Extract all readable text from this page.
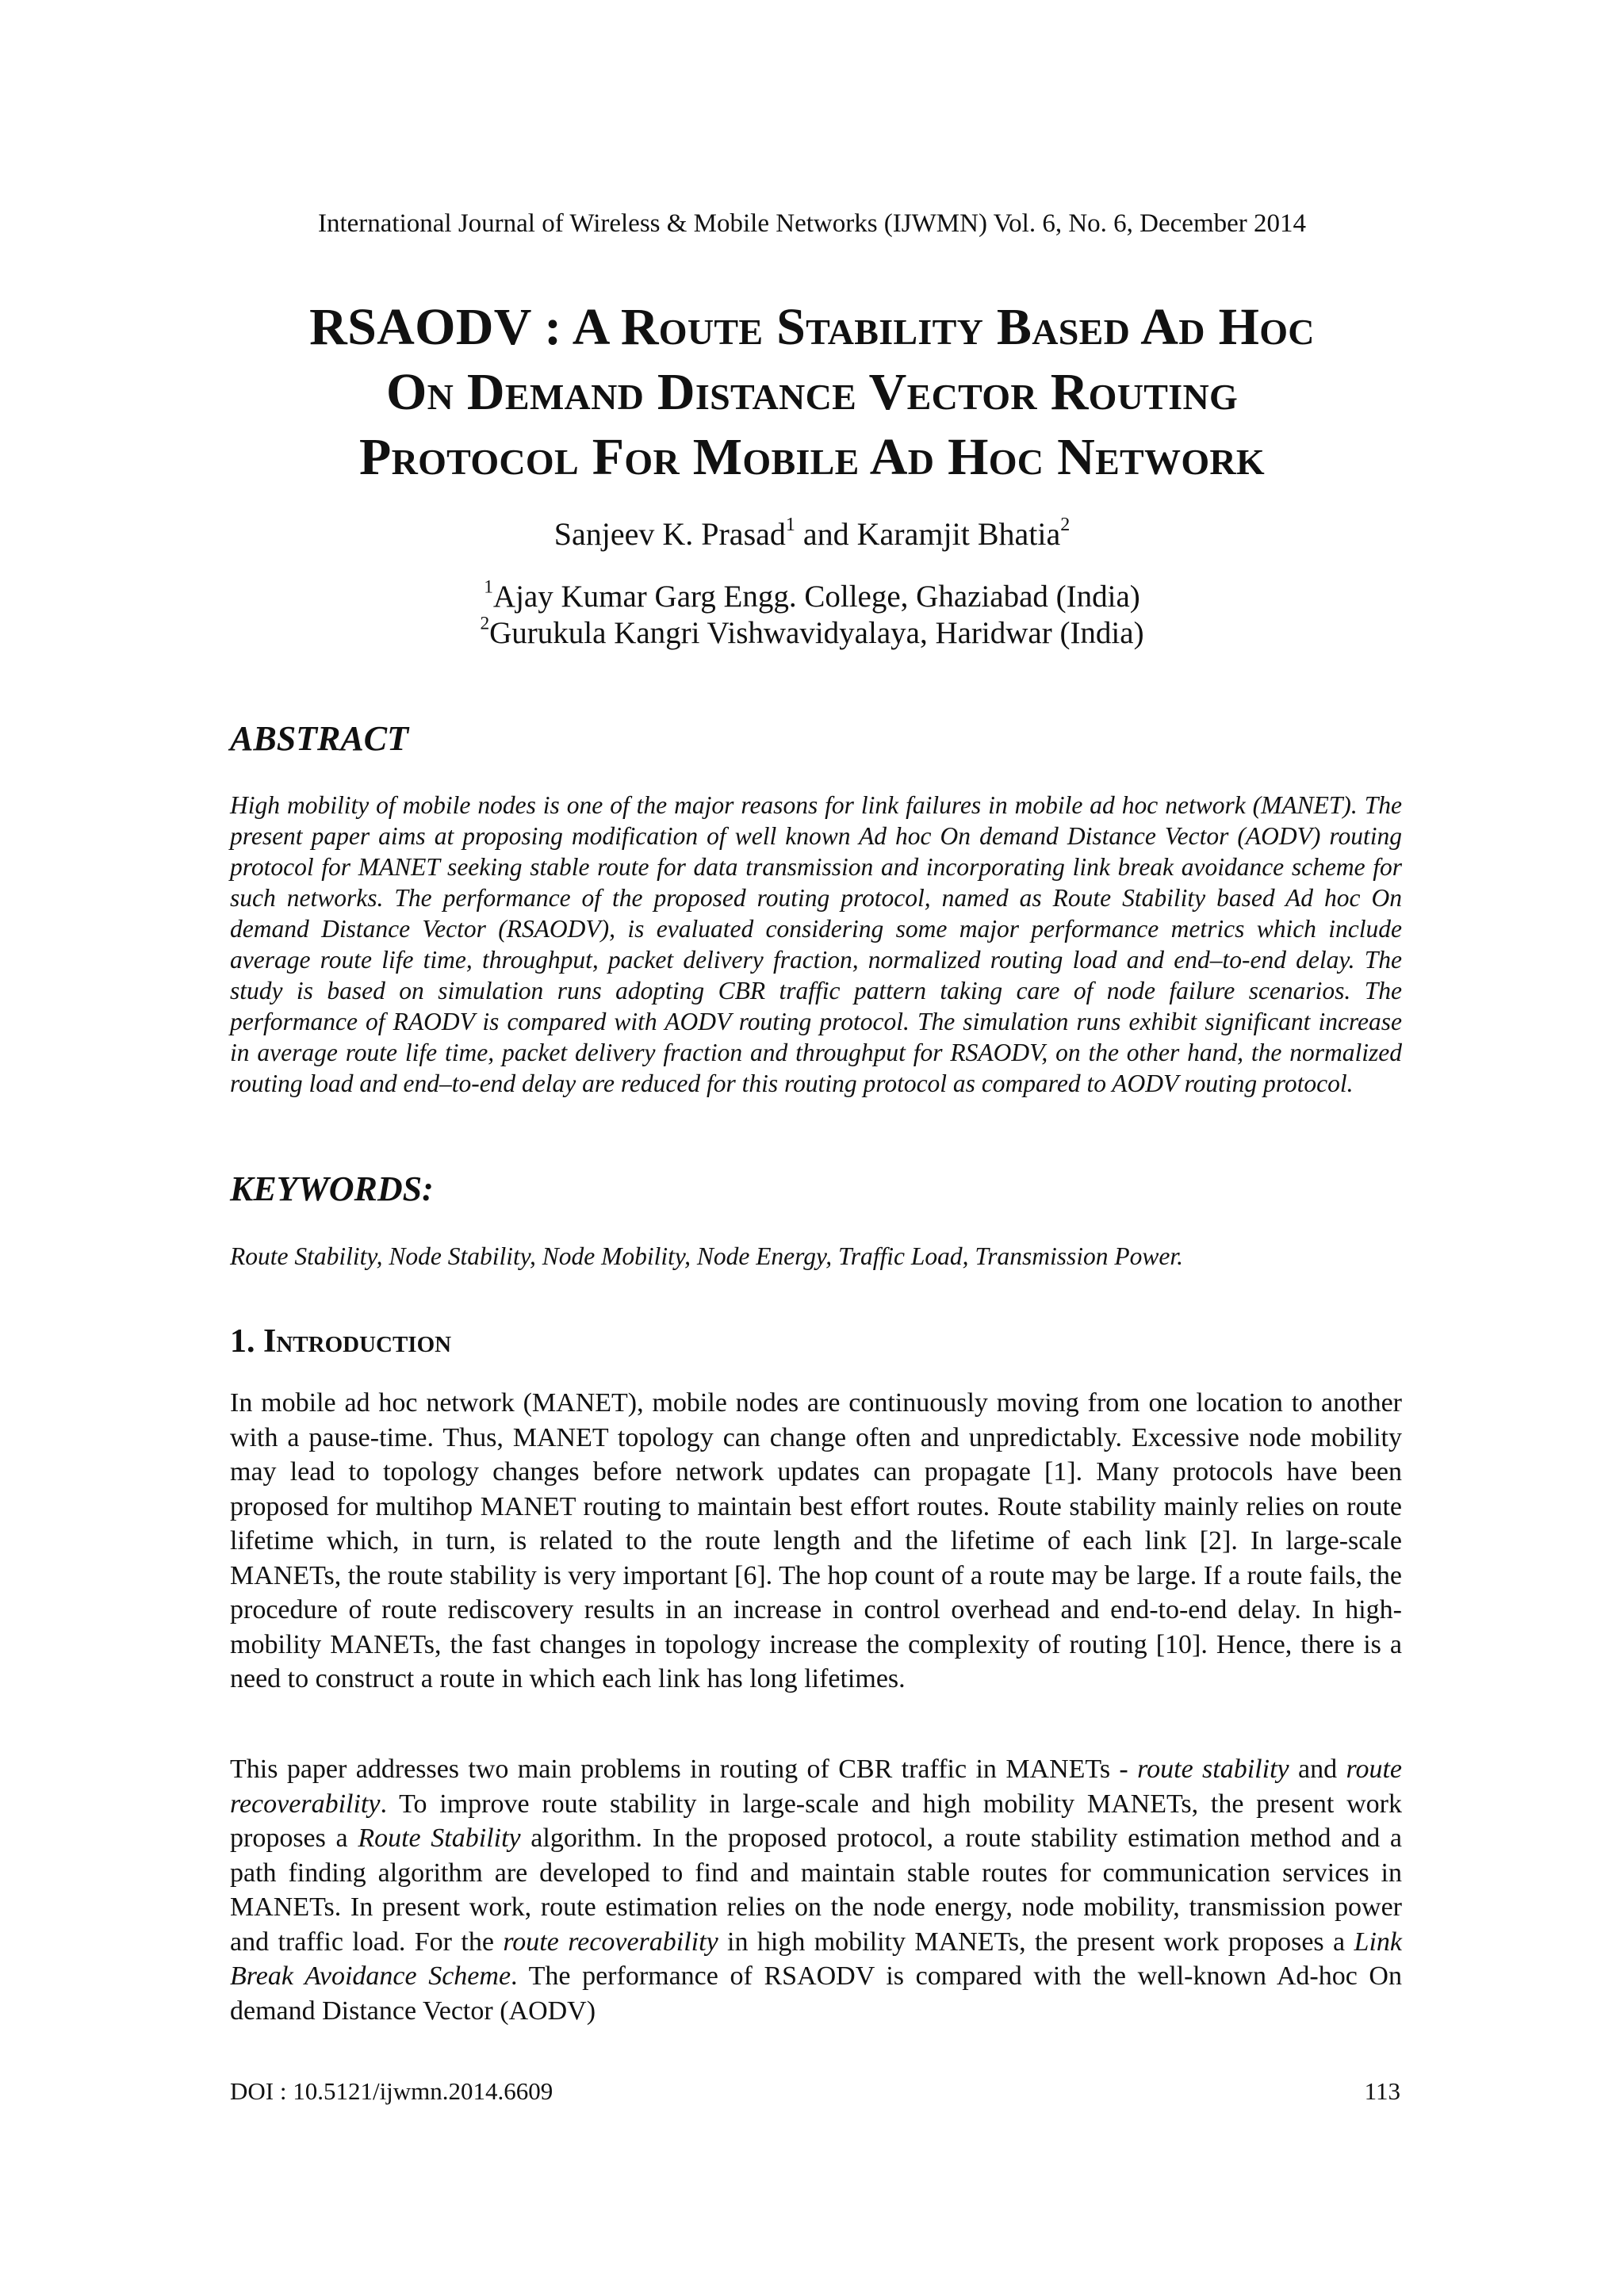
International Journal of Wireless & Mobile Networks (IJWMN) Vol. 6, No. 6, December 2014
RSAODV : A Route Stability Based Ad Hoc
On Demand Distance Vector Routing
Protocol For Mobile Ad Hoc Network
Sanjeev K. Prasad$^1$ and Karamjit Bhatia$^2$
$^1$Ajay Kumar Garg Engg. College, Ghaziabad (India)
$^2$Gurukula Kangri Vishwavidyalaya, Haridwar (India)
ABSTRACT
High mobility of mobile nodes is one of the major reasons for link failures in mobile ad hoc network (MANET). The present paper aims at proposing modification of well known Ad hoc On demand Distance Vector (AODV) routing protocol for MANET seeking stable route for data transmission and incorporating link break avoidance scheme for such networks. The performance of the proposed routing protocol, named as Route Stability based Ad hoc On demand Distance Vector (RSAODV), is evaluated considering some major performance metrics which include average route life time, throughput, packet delivery fraction, normalized routing load and end–to-end delay. The study is based on simulation runs adopting CBR traffic pattern taking care of node failure scenarios. The performance of RAODV is compared with AODV routing protocol. The simulation runs exhibit significant increase in average route life time, packet delivery fraction and throughput for RSAODV, on the other hand, the normalized routing load and end–to-end delay are reduced for this routing protocol as compared to AODV routing protocol.
KEYWORDS:
Route Stability, Node Stability, Node Mobility, Node Energy, Traffic Load, Transmission Power.
1. Introduction
In mobile ad hoc network (MANET), mobile nodes are continuously moving from one location to another with a pause-time. Thus, MANET topology can change often and unpredictably. Excessive node mobility may lead to topology changes before network updates can propagate [1]. Many protocols have been proposed for multihop MANET routing to maintain best effort routes. Route stability mainly relies on route lifetime which, in turn, is related to the route length and the lifetime of each link [2]. In large-scale MANETs, the route stability is very important [6]. The hop count of a route may be large. If a route fails, the procedure of route rediscovery results in an increase in control overhead and end-to-end delay. In high-mobility MANETs, the fast changes in topology increase the complexity of routing [10]. Hence, there is a need to construct a route in which each link has long lifetimes.
This paper addresses two main problems in routing of CBR traffic in MANETs - route stability and route recoverability. To improve route stability in large-scale and high mobility MANETs, the present work proposes a Route Stability algorithm. In the proposed protocol, a route stability estimation method and a path finding algorithm are developed to find and maintain stable routes for communication services in MANETs. In present work, route estimation relies on the node energy, node mobility, transmission power and traffic load. For the route recoverability in high mobility MANETs, the present work proposes a Link Break Avoidance Scheme. The performance of RSAODV is compared with the well-known Ad-hoc On demand Distance Vector (AODV)
DOI : 10.5121/ijwmn.2014.6609	113
